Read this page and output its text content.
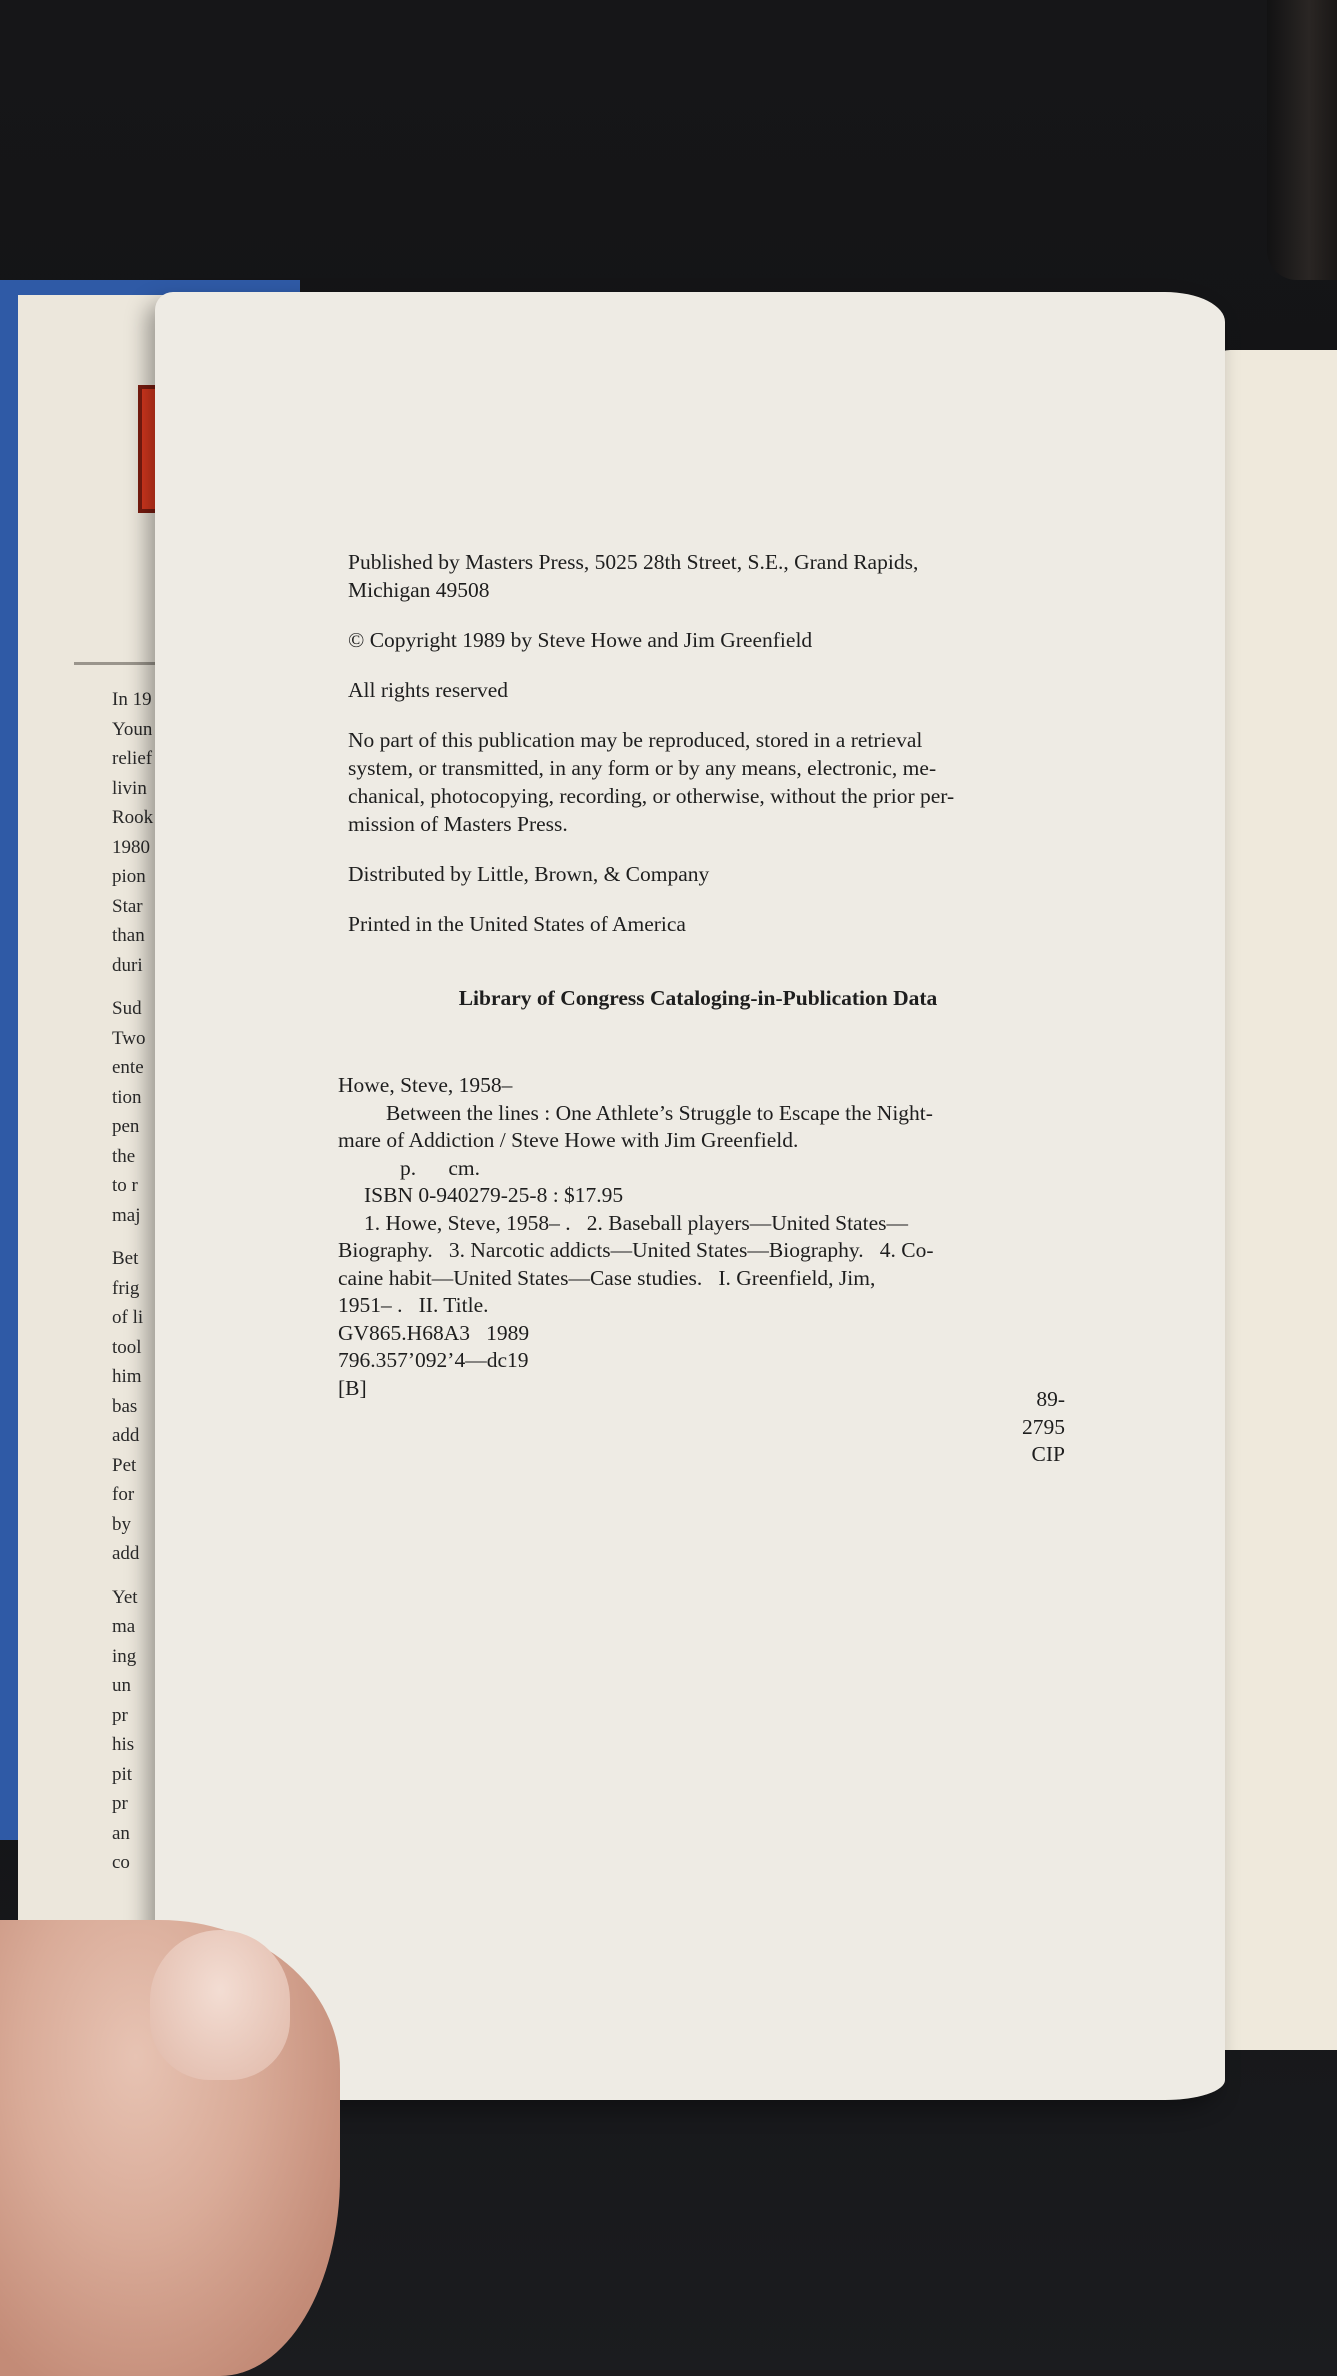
In 19
Youn
relief
livin
Rook
1980
pion
Star
than
duri

Sud
Two
ente
tion
pen
the
to r
maj

Bet
frig
of li
tool
him
bas
add
Pet
for
by
add

Yet
ma
ing
un
pr
his
pit
pr
an
co

Published by Masters Press, 5025 28th Street, S.E., Grand Rapids,
Michigan 49508

© Copyright 1989 by Steve Howe and Jim Greenfield

All rights reserved

No part of this publication may be reproduced, stored in a retrieval
system, or transmitted, in any form or by any means, electronic, me-
chanical, photocopying, recording, or otherwise, without the prior per-
mission of Masters Press.

Distributed by Little, Brown, & Company

Printed in the United States of America

Library of Congress Cataloging-in-Publication Data

Howe, Steve, 1958–
Between the lines : One Athlete’s Struggle to Escape the Night-
mare of Addiction / Steve Howe with Jim Greenfield.
p.      cm.
ISBN 0-940279-25-8 : $17.95
1. Howe, Steve, 1958– .   2. Baseball players—United States—
Biography.   3. Narcotic addicts—United States—Biography.   4. Co-
caine habit—United States—Case studies.   I. Greenfield, Jim,
1951– .   II. Title.
GV865.H68A3   1989
796.357’092’4—dc19
[B]	89-2795
CIP
